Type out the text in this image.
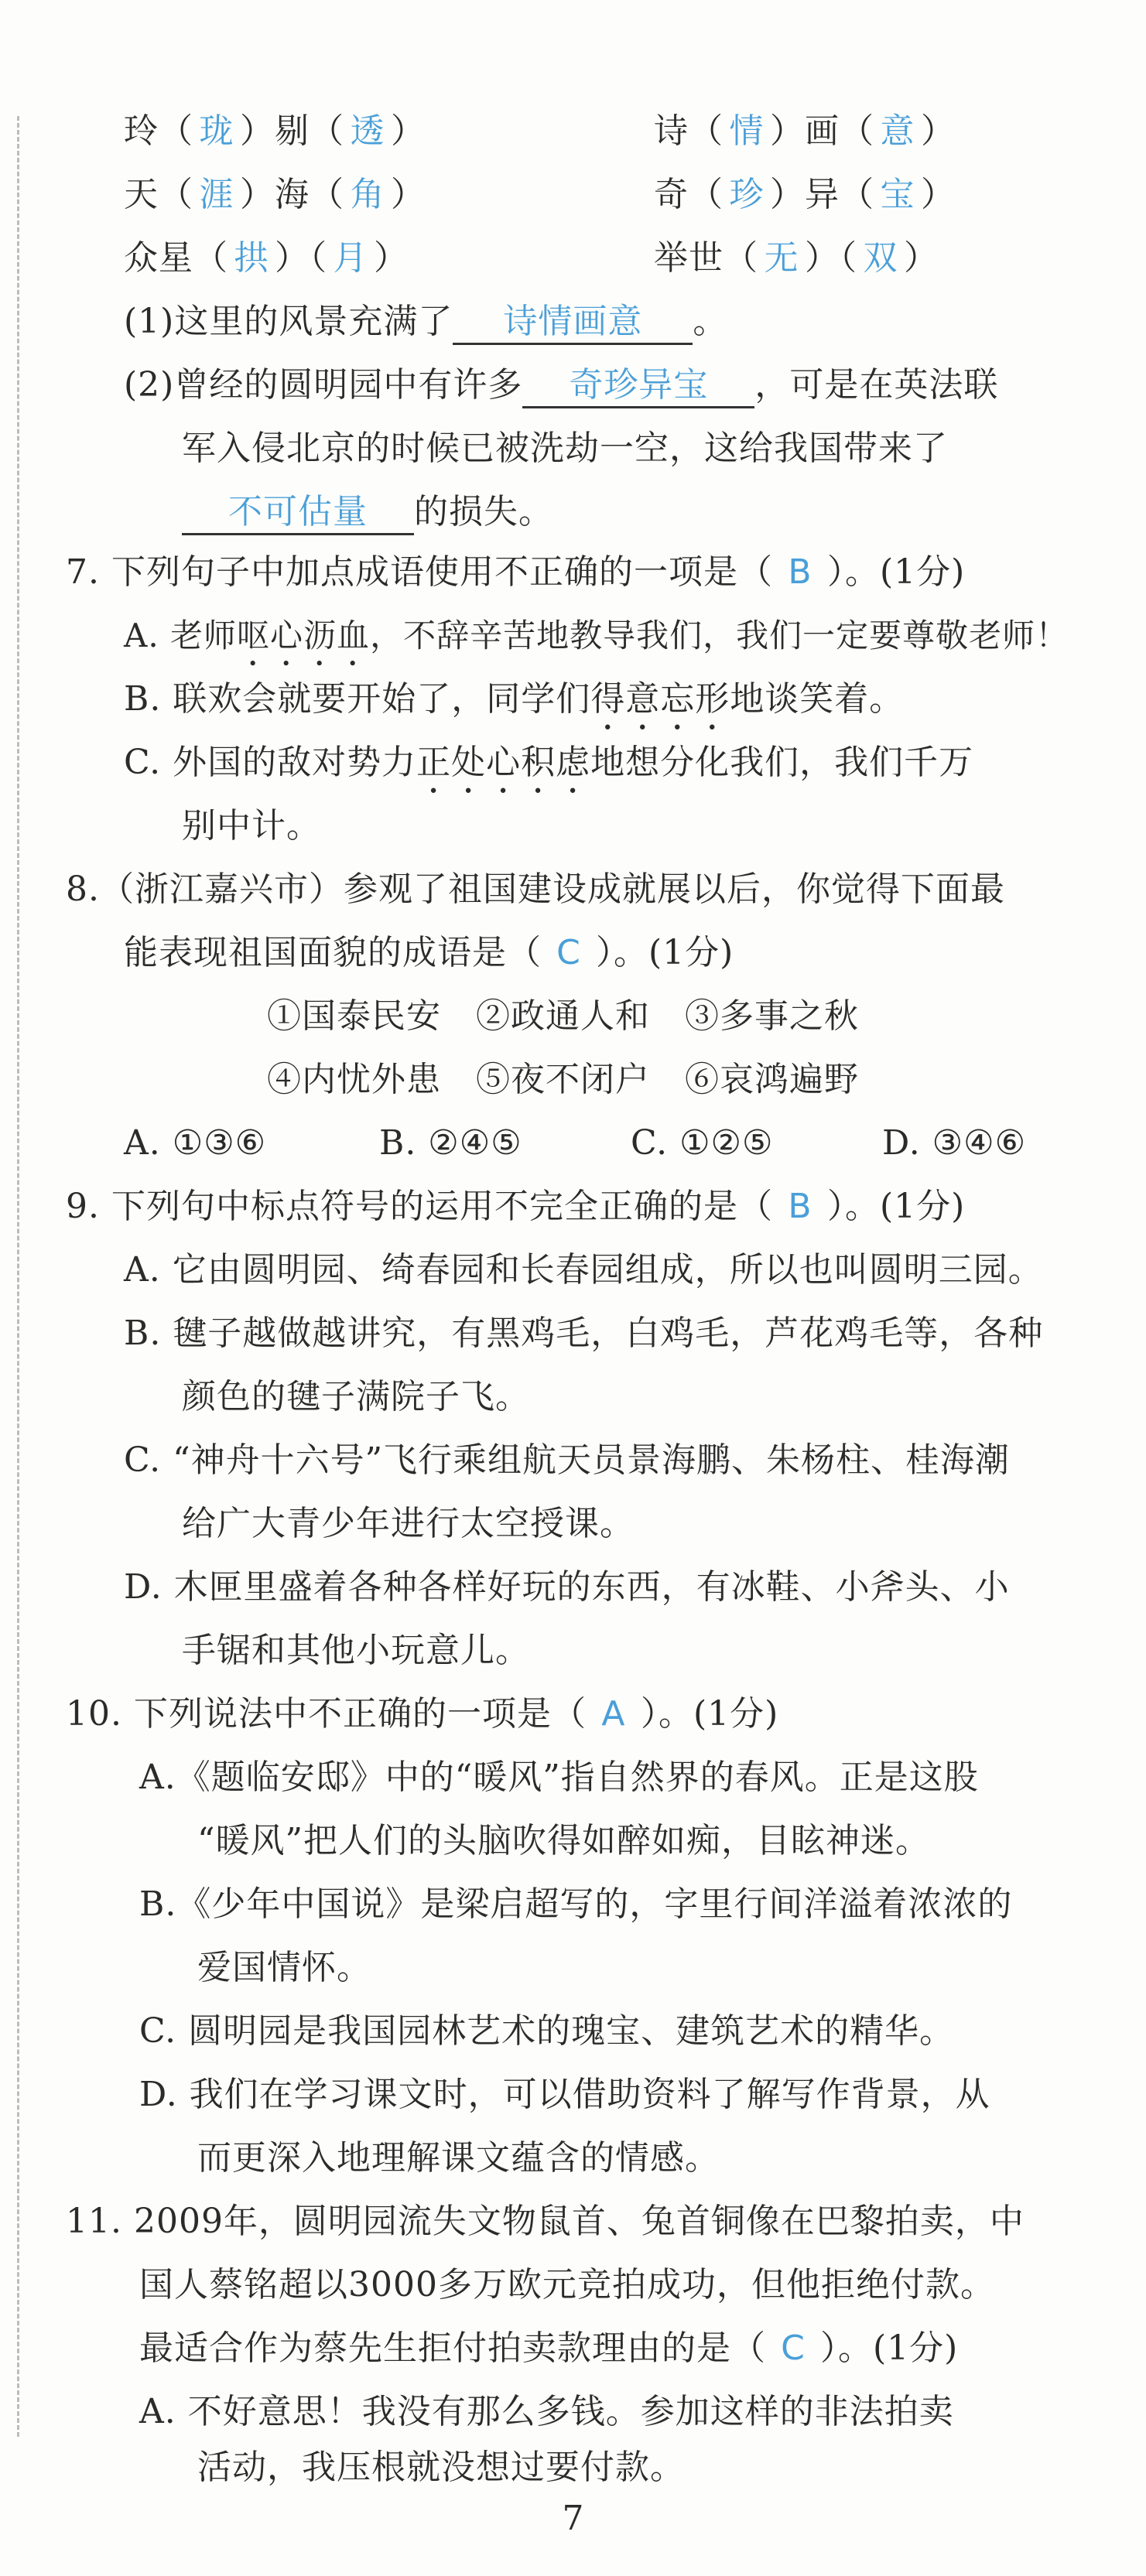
玲（ 珑 ）剔（ 透 ）	诗（ 情 ）画（ 意 ）
天（ 涯 ）海（ 角 ）	奇（ 珍 ）异（ 宝 ）
众星（ 拱 ）（ 月 ）	举世（ 无 ）（ 双 ）
(1)这里的风景充满了 诗情画意 。
(2)曾经的圆明园中有许多 奇珍异宝 ，可是在英法联
军入侵北京的时候已被洗劫一空，这给我国带来了
不可估量 的损失。
7. 下列句子中加点成语使用不正确的一项是（ B ）。(1分)
A. 老师呕心沥血，不辞辛苦地教导我们，我们一定要尊敬老师！
B. 联欢会就要开始了，同学们得意忘形地谈笑着。
C. 外国的敌对势力正处心积虑地想分化我们，我们千万
别中计。
8.（浙江嘉兴市）参观了祖国建设成就展以后，你觉得下面最
能表现祖国面貌的成语是（ C ）。(1分)
①国泰民安　②政通人和　③多事之秋
④内忧外患　⑤夜不闭户　⑥哀鸿遍野
A. ①③⑥	B. ②④⑤	C. ①②⑤	D. ③④⑥
9. 下列句中标点符号的运用不完全正确的是（ B ）。(1分)
A. 它由圆明园、绮春园和长春园组成，所以也叫圆明三园。
B. 毽子越做越讲究，有黑鸡毛，白鸡毛，芦花鸡毛等，各种
颜色的毽子满院子飞。
C. “神舟十六号”飞行乘组航天员景海鹏、朱杨柱、桂海潮
给广大青少年进行太空授课。
D. 木匣里盛着各种各样好玩的东西，有冰鞋、小斧头、小
手锯和其他小玩意儿。
10. 下列说法中不正确的一项是（ A ）。(1分)
A.《题临安邸》中的“暖风”指自然界的春风。正是这股
“暖风”把人们的头脑吹得如醉如痴，目眩神迷。
B.《少年中国说》是梁启超写的，字里行间洋溢着浓浓的
爱国情怀。
C. 圆明园是我国园林艺术的瑰宝、建筑艺术的精华。
D. 我们在学习课文时，可以借助资料了解写作背景，从
而更深入地理解课文蕴含的情感。
11. 2009年，圆明园流失文物鼠首、兔首铜像在巴黎拍卖，中
国人蔡铭超以3000多万欧元竞拍成功，但他拒绝付款。
最适合作为蔡先生拒付拍卖款理由的是（ C ）。(1分)
A. 不好意思！我没有那么多钱。参加这样的非法拍卖
活动，我压根就没想过要付款。
7
